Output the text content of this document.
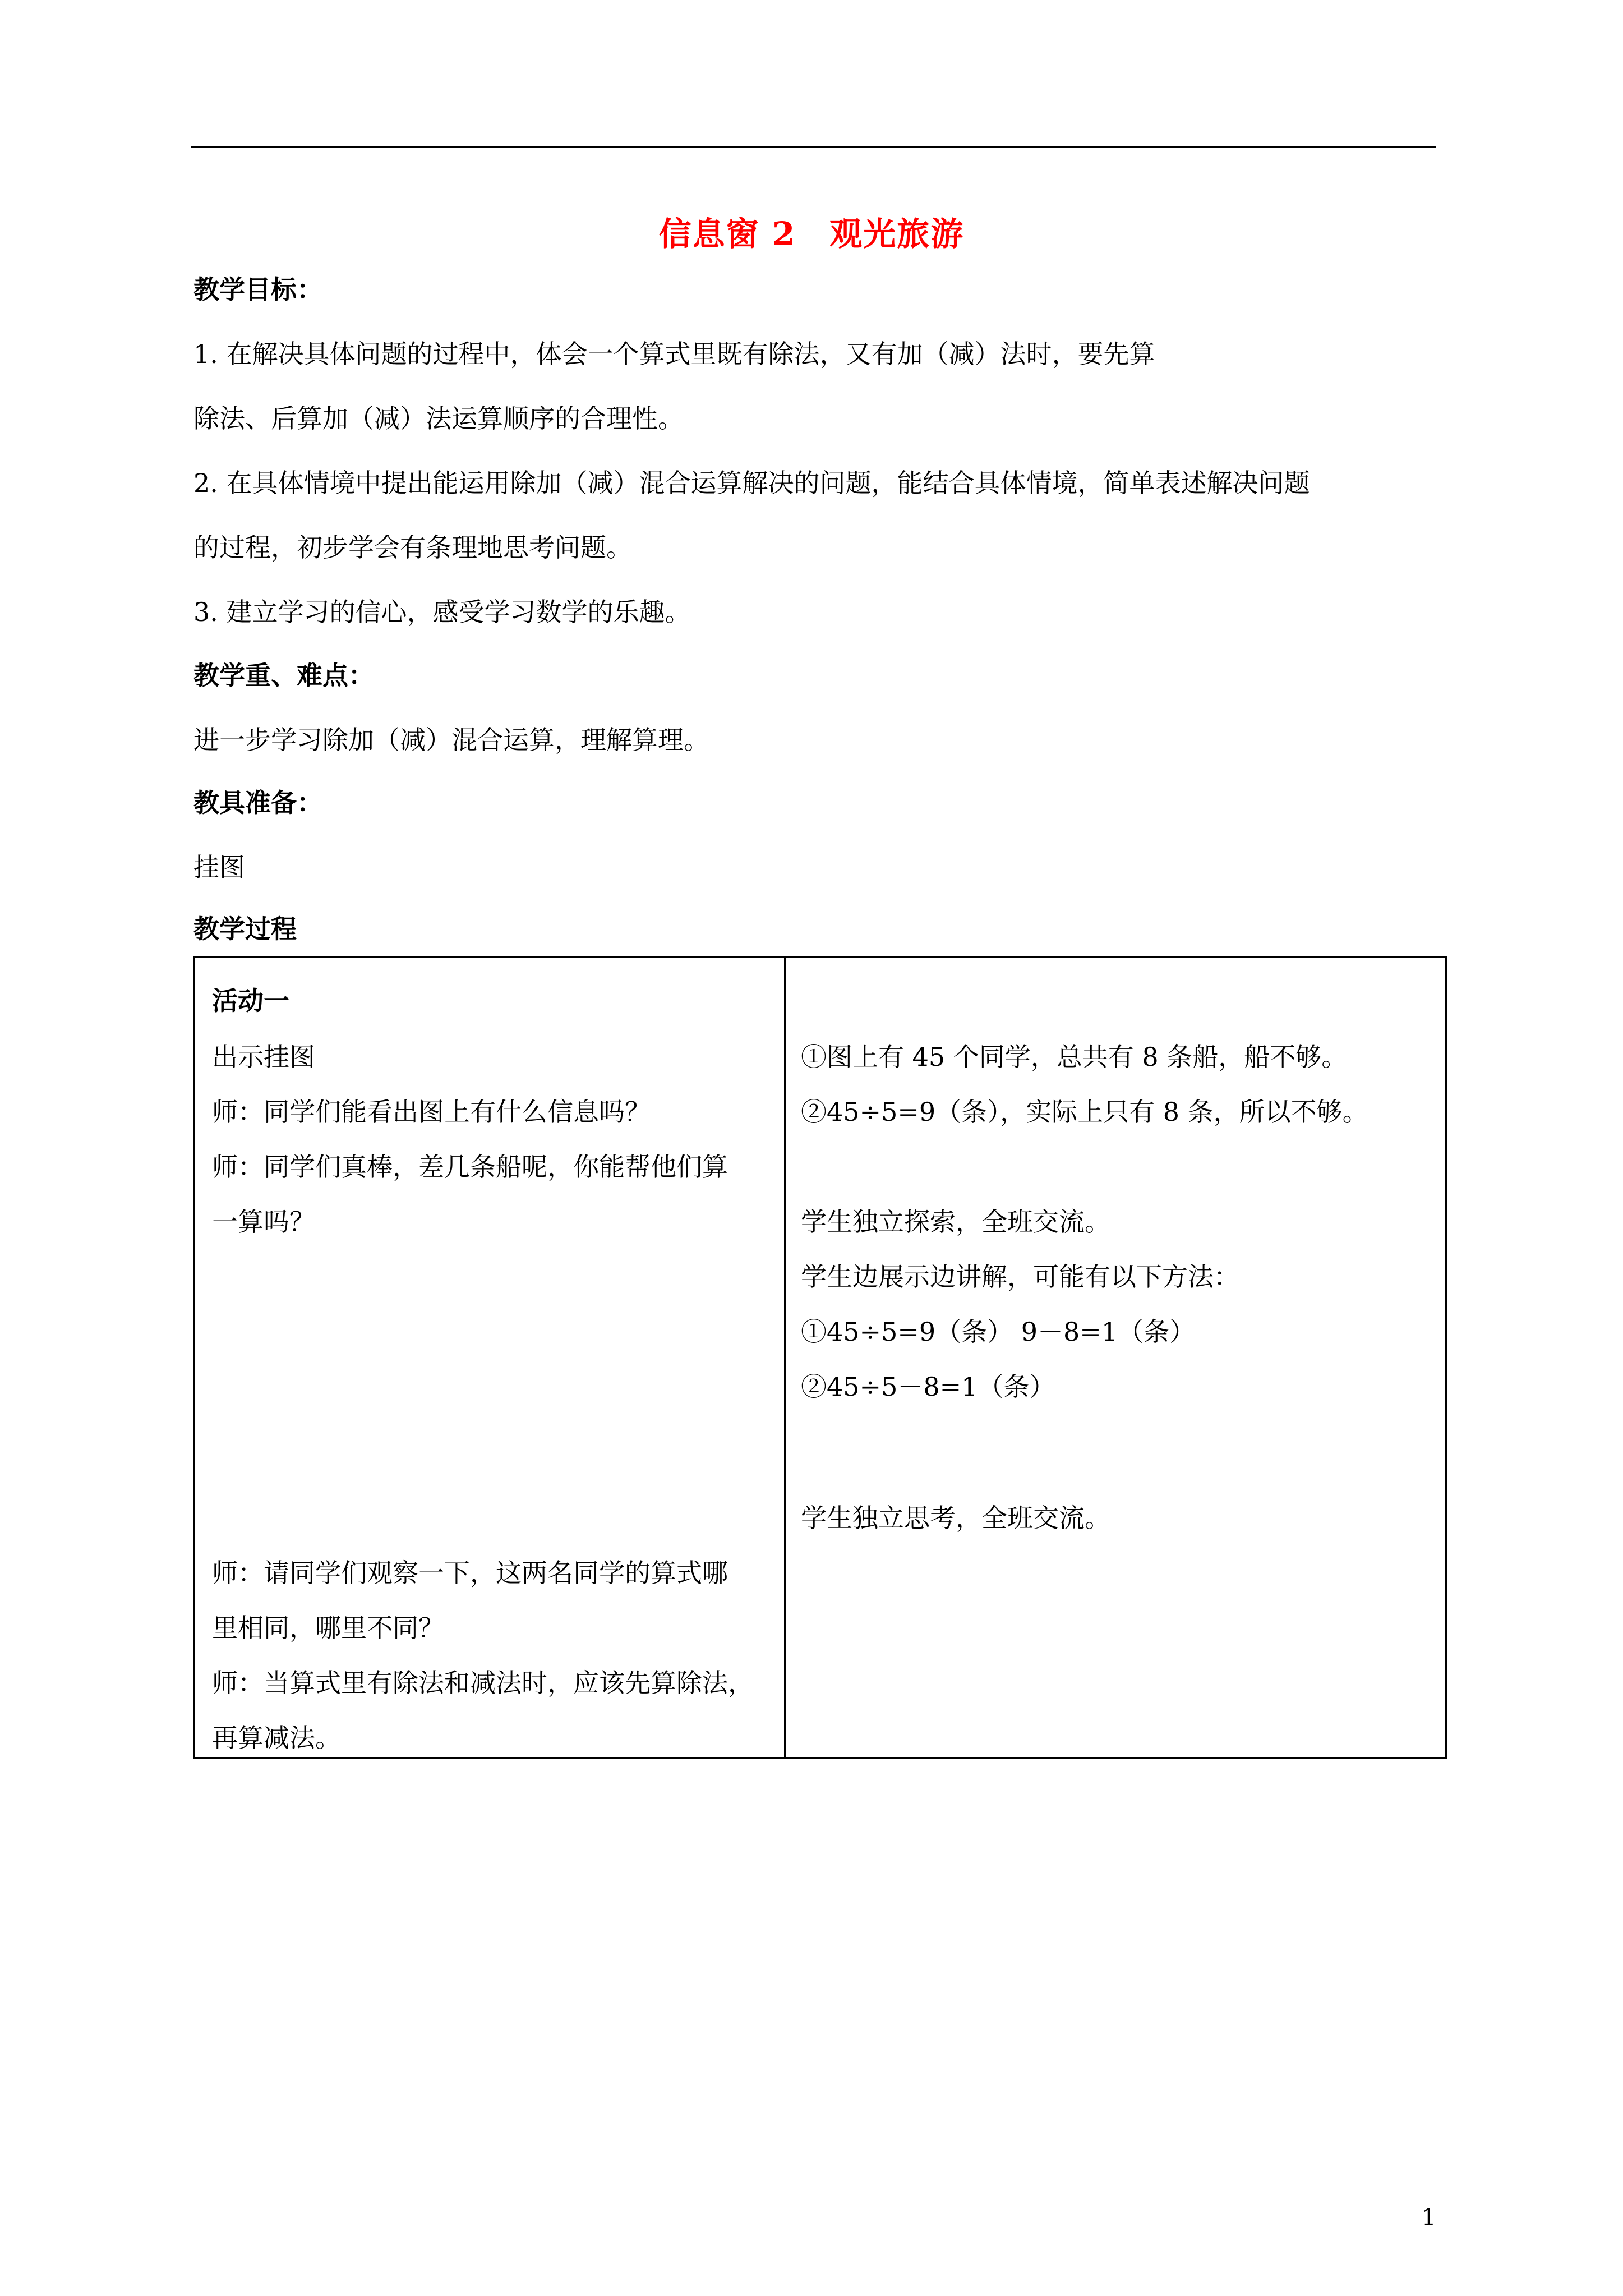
信息窗 2 观光旅游
教学目标：
1. 在解决具体问题的过程中，体会一个算式里既有除法，又有加（减）法时，要先算
除法、后算加（减）法运算顺序的合理性。
2. 在具体情境中提出能运用除加（减）混合运算解决的问题，能结合具体情境，简单表述解决问题
的过程，初步学会有条理地思考问题。
3. 建立学习的信心，感受学习数学的乐趣。
教学重、难点：
进一步学习除加（减）混合运算，理解算理。
教具准备：
挂图
教学过程
活动一
出示挂图
师：同学们能看出图上有什么信息吗？
师：同学们真棒，差几条船呢，你能帮他们算
一算吗？
师：请同学们观察一下，这两名同学的算式哪
里相同，哪里不同？
师：当算式里有除法和减法时，应该先算除法，
再算减法。
①图上有 45 个同学，总共有 8 条船，船不够。
②45÷5=9（条），实际上只有 8 条，所以不够。
学生独立探索，全班交流。
学生边展示边讲解，可能有以下方法：
①45÷5=9（条） 9－8=1（条）
②45÷5－8=1（条）
学生独立思考，全班交流。
1
